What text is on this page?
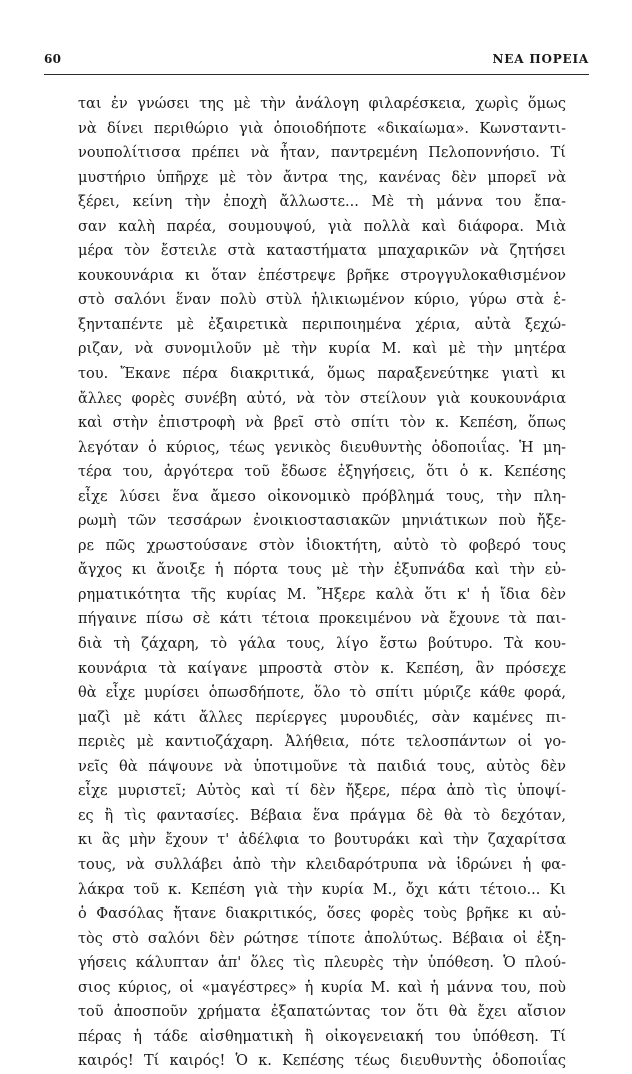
60	ΝΕΑ ΠΟΡΕΙΑ
ται ἐν γνώσει της μὲ τὴν ἀνάλογη φιλαρέσκεια, χωρὶς ὅμως
νὰ δίνει περιθώριο γιὰ ὁποιοδήποτε «δικαίωμα». Κωνσταντι-
νουπολίτισσα πρέπει νὰ ἦταν, παντρεμένη Πελοποννήσιο. Τί
μυστήριο ὑπῆρχε μὲ τὸν ἄντρα της, κανένας δὲν μπορεῖ νὰ
ξέρει, κείνη τὴν ἐποχὴ ἄλλωστε... Μὲ τὴ μάννα του ἔπα-
σαν καλὴ παρέα, σουμουψού, γιὰ πολλὰ καὶ διάφορα. Μιὰ
μέρα τὸν ἔστειλε στὰ καταστήματα μπαχαρικῶν νὰ ζητήσει
κουκουνάρια κι ὅταν ἐπέστρεψε βρῆκε στρογγυλοκαθισμένον
στὸ σαλόνι ἕναν πολὺ στὺλ ἡλικιωμένον κύριο, γύρω στὰ ἑ-
ξηνταπέντε μὲ ἐξαιρετικὰ περιποιημένα χέρια, αὐτὰ ξεχώ-
ριζαν, νὰ συνομιλοῦν μὲ τὴν κυρία Μ. καὶ μὲ τὴν μητέρα
του. Ἔκανε πέρα διακριτικά, ὅμως παραξενεύτηκε γιατὶ κι
ἄλλες φορὲς συνέβη αὐτό, νὰ τὸν στείλουν γιὰ κουκουνάρια
καὶ στὴν ἐπιστροφὴ νὰ βρεῖ στὸ σπίτι τὸν κ. Κεπέση, ὅπως
λεγόταν ὁ κύριος, τέως γενικὸς διευθυντὴς ὁδοποιΐας. Ἡ μη-
τέρα του, ἀργότερα τοῦ ἔδωσε ἐξηγήσεις, ὅτι ὁ κ. Κεπέσης
εἶχε λύσει ἕνα ἄμεσο οἰκονομικὸ πρόβλημά τους, τὴν πλη-
ρωμὴ τῶν τεσσάρων ἐνοικιοστασιακῶν μηνιάτικων ποὺ ἤξε-
ρε πῶς χρωστούσανε στὸν ἰδιοκτήτη, αὐτὸ τὸ φοβερό τους
ἄγχος κι ἄνοιξε ἡ πόρτα τους μὲ τὴν ἐξυπνάδα καὶ τὴν εὐ-
ρηματικότητα τῆς κυρίας Μ. Ἤξερε καλὰ ὅτι κ' ἡ ἴδια δὲν
πήγαινε πίσω σὲ κάτι τέτοια προκειμένου νὰ ἔχουνε τὰ παι-
διὰ τὴ ζάχαρη, τὸ γάλα τους, λίγο ἔστω βούτυρο. Τὰ κου-
κουνάρια τὰ καίγανε μπροστὰ στὸν κ. Κεπέση, ἂν πρόσεχε
θὰ εἶχε μυρίσει ὁπωσδήποτε, ὅλο τὸ σπίτι μύριζε κάθε φορά,
μαζὶ μὲ κάτι ἄλλες περίεργες μυρουδιές, σὰν καμένες πι-
περιὲς μὲ καντιοζάχαρη. Ἀλήθεια, πότε τελοσπάντων οἱ γο-
νεῖς θὰ πάψουνε νὰ ὑποτιμοῦνε τὰ παιδιά τους, αὐτὸς δὲν
εἶχε μυριστεῖ; Αὐτὸς καὶ τί δὲν ἤξερε, πέρα ἀπὸ τὶς ὑποψί-
ες ἢ τὶς φαντασίες. Βέβαια ἕνα πράγμα δὲ θὰ τὸ δεχόταν,
κι ἂς μὴν ἔχουν τ' ἀδέλφια το βουτυράκι καὶ τὴν ζαχαρίτσα
τους, νὰ συλλάβει ἀπὸ τὴν κλειδαρότρυπα νὰ ἱδρώνει ἡ φα-
λάκρα τοῦ κ. Κεπέση γιὰ τὴν κυρία Μ., ὄχι κάτι τέτοιο... Κι
ὁ Φασόλας ἤτανε διακριτικός, ὅσες φορὲς τοὺς βρῆκε κι αὐ-
τὸς στὸ σαλόνι δὲν ρώτησε τίποτε ἀπολύτως. Βέβαια οἱ ἐξη-
γήσεις κάλυπταν ἀπ' ὅλες τὶς πλευρὲς τὴν ὑπόθεση. Ὁ πλού-
σιος κύριος, οἱ «μαγέστρες» ἡ κυρία Μ. καὶ ἡ μάννα του, ποὺ
τοῦ ἀποσποῦν χρήματα ἐξαπατώντας τον ὅτι θὰ ἔχει αἴσιον
πέρας ἡ τάδε αἰσθηματικὴ ἢ οἰκογενειακή του ὑπόθεση. Τί
καιρός! Τί καιρός! Ὁ κ. Κεπέσης τέως διευθυντὴς ὁδοποιΐας
